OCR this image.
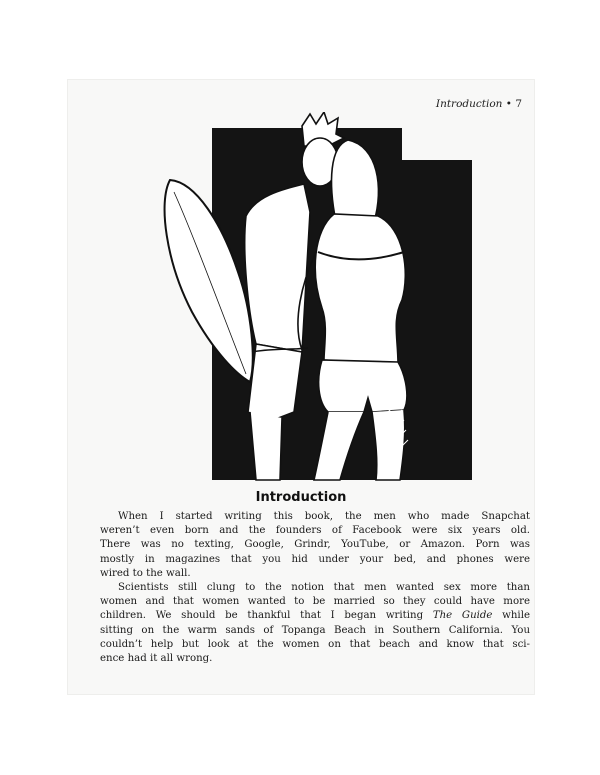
Introduction • 7
Introduction

When I started writing this book, the men who made Snapchat
weren’t even born and the founders of Facebook were six years old.
There was no texting, Google, Grindr, YouTube, or Amazon. Porn was
mostly in magazines that you hid under your bed, and phones were
wired to the wall.

Scientists still clung to the notion that men wanted sex more than
women and that women wanted to be married so they could have more
children. We should be thankful that I began writing The Guide while
sitting on the warm sands of Topanga Beach in Southern California. You
couldn’t help but look at the women on that beach and know that sci-
ence had it all wrong.
